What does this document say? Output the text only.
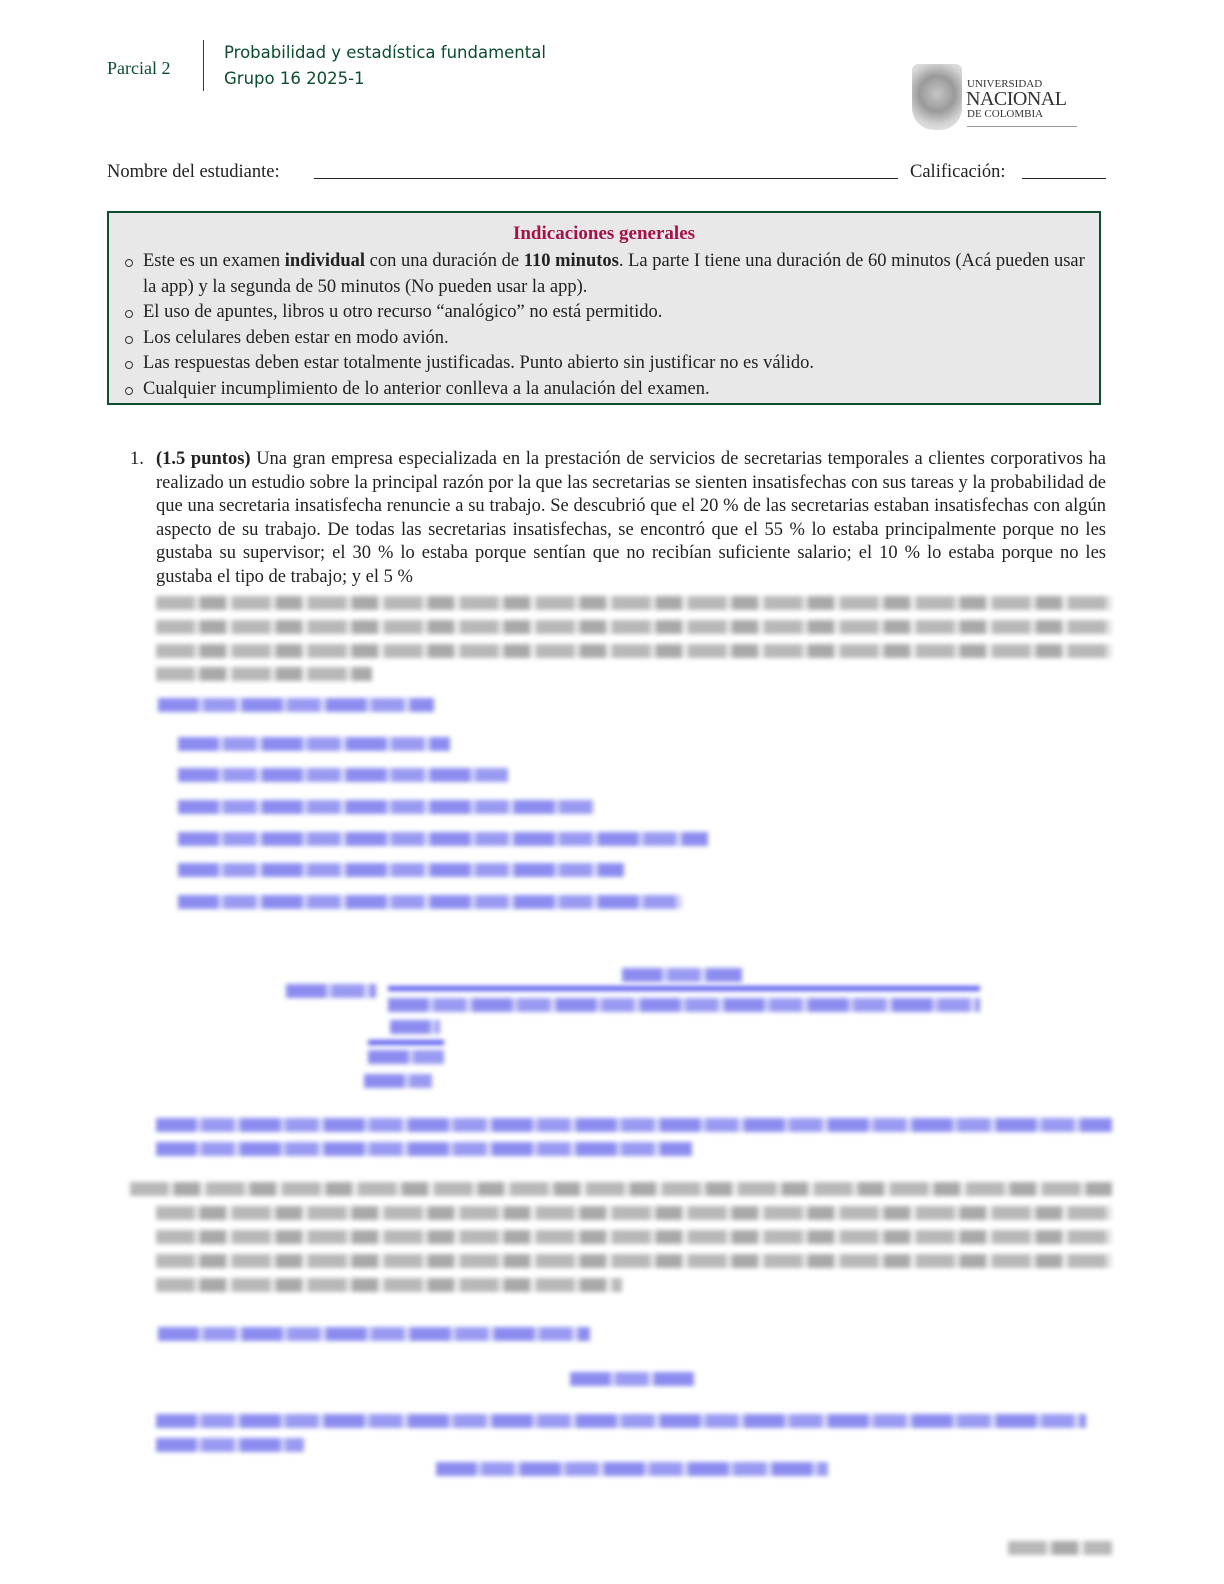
Parcial 2
Probabilidad y estadística fundamental
Grupo 16 2025-1	UNIVERSIDAD
NACIONAL
DE COLOMBIA
Nombre del estudiante:	Calificación:
Indicaciones generales
Este es un examen individual con una duración de 110 minutos. La parte I tiene una duración de 60 minutos (Acá pueden usar la app) y la segunda de 50 minutos (No pueden usar la app).
El uso de apuntes, libros u otro recurso “analógico” no está permitido.
Los celulares deben estar en modo avión.
Las respuestas deben estar totalmente justificadas. Punto abierto sin justificar no es válido.
Cualquier incumplimiento de lo anterior conlleva a la anulación del examen.
1. (1.5 puntos) Una gran empresa especializada en la prestación de servicios de secretarias temporales a clientes corporativos ha realizado un estudio sobre la principal razón por la que las secretarias se sienten insatisfechas con sus tareas y la probabilidad de que una secretaria insatisfecha renuncie a su trabajo. Se descubrió que el 20 % de las secretarias estaban insatisfechas con algún aspecto de su trabajo. De todas las secretarias insatisfechas, se encontró que el 55 % lo estaba principalmente porque no les gustaba su supervisor; el 30 % lo estaba porque sentían que no recibían suficiente salario; el 10 % lo estaba porque no les gustaba el tipo de trabajo; y el 5 %
